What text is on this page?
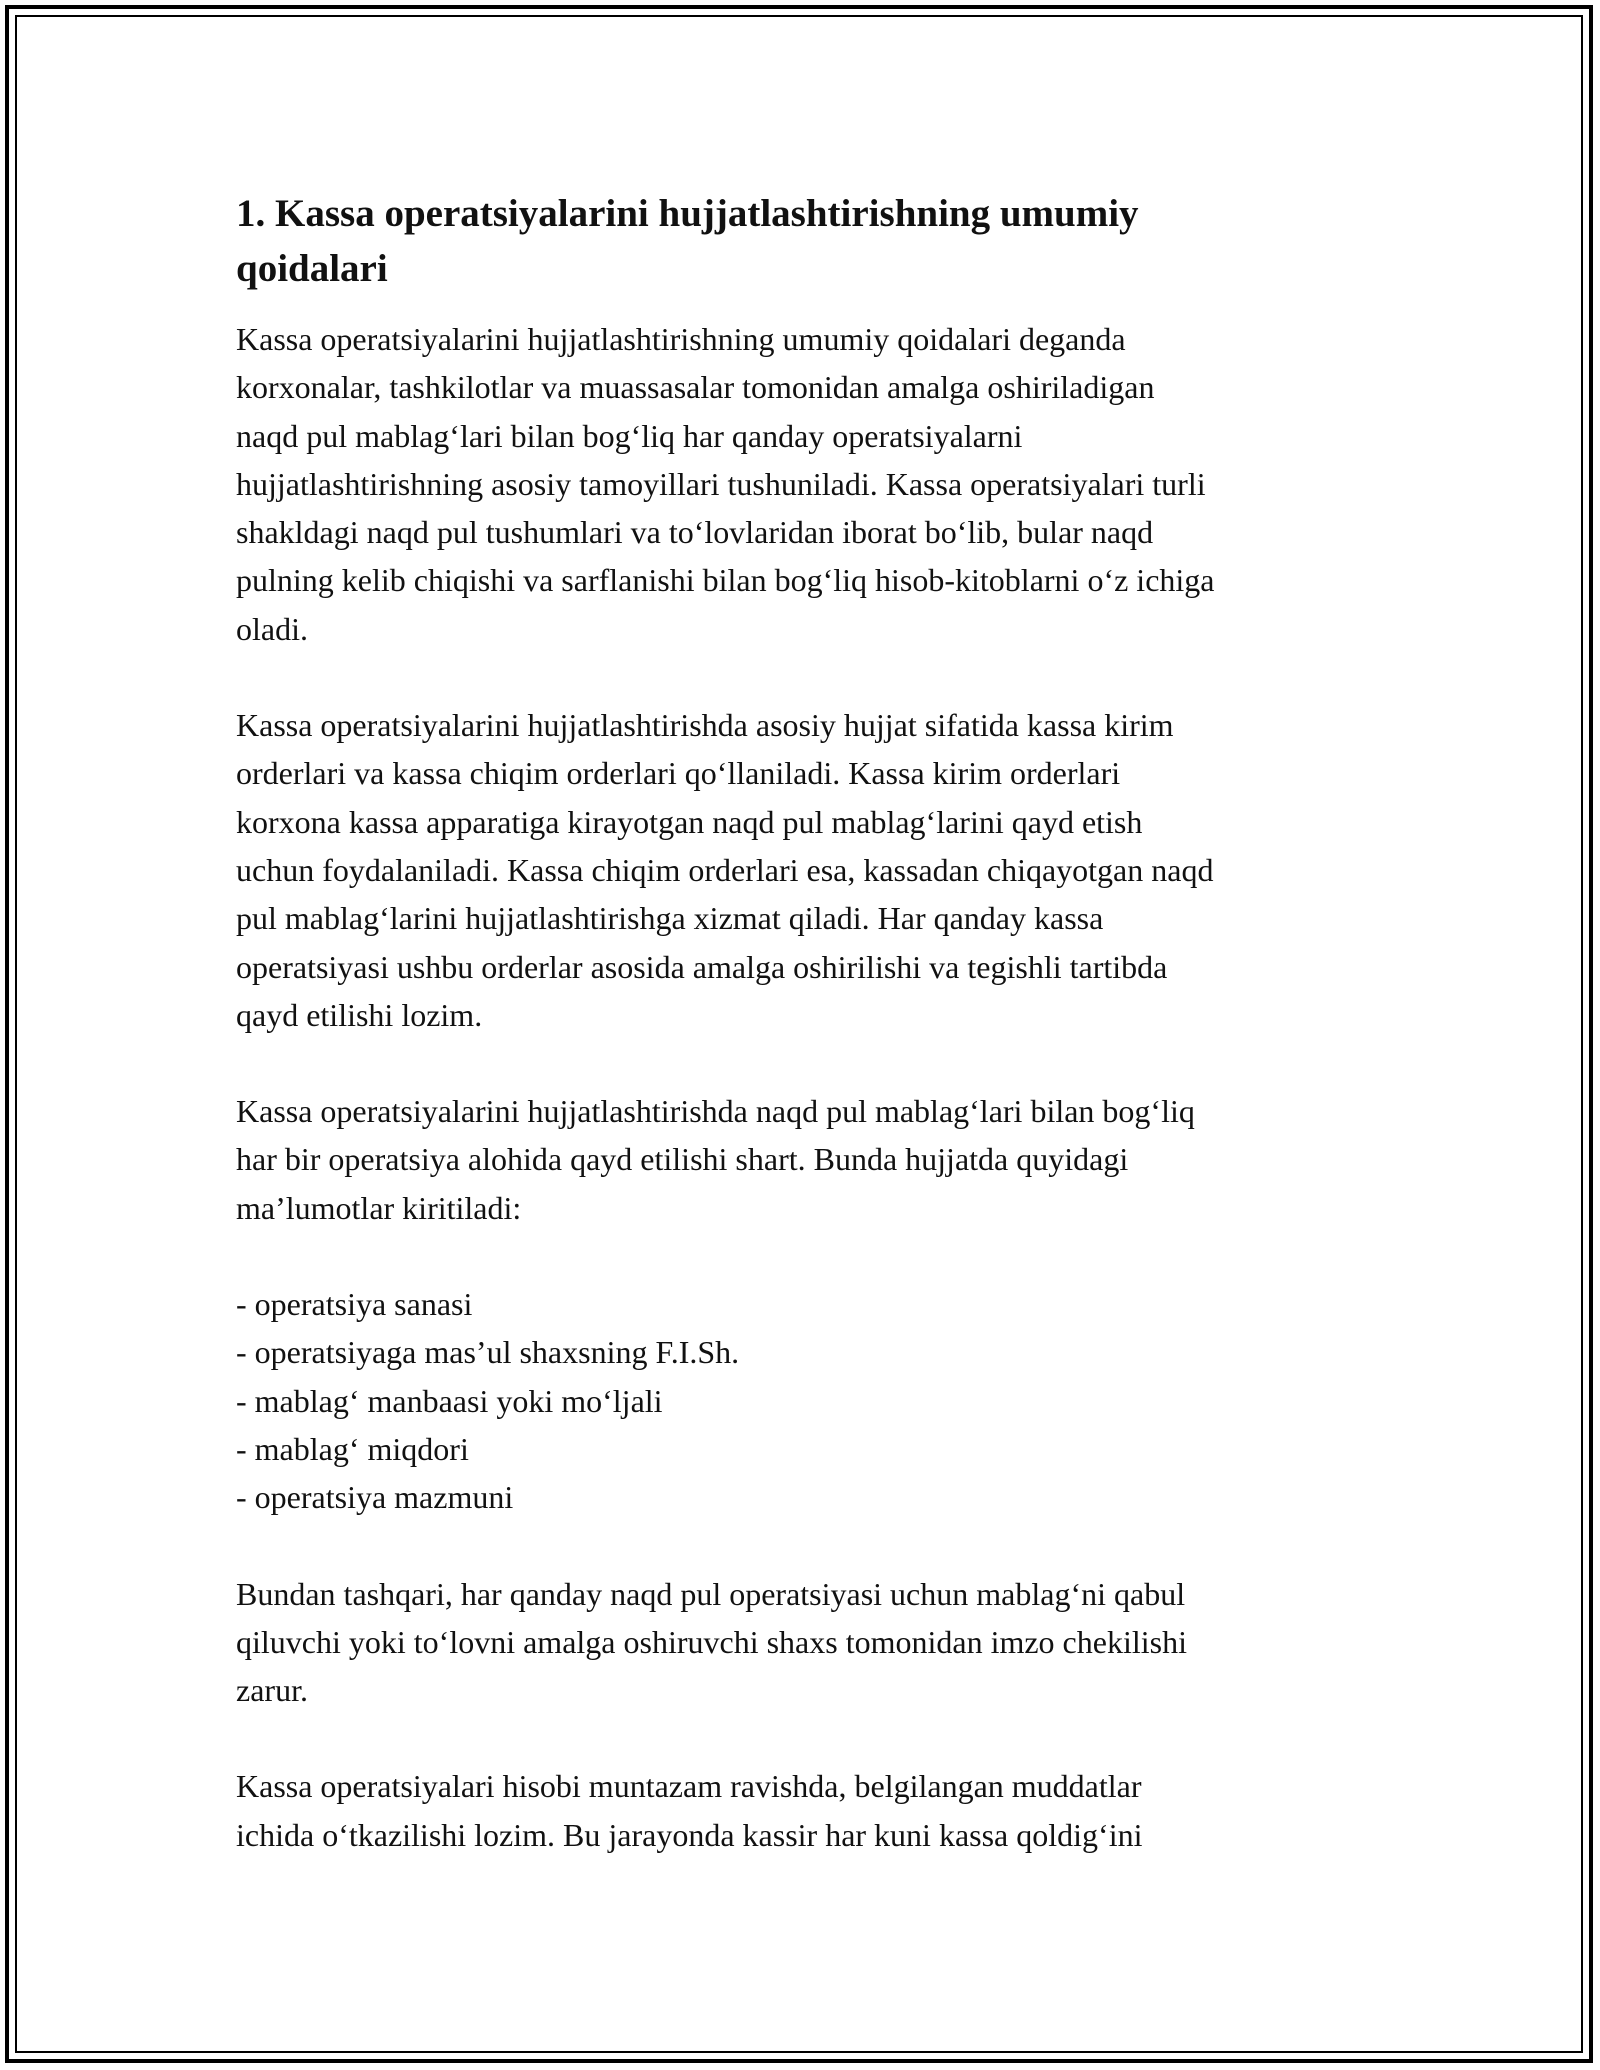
1. Kassa operatsiyalarini hujjatlashtirishning umumiy
qoidalari

Kassa operatsiyalarini hujjatlashtirishning umumiy qoidalari deganda
korxonalar, tashkilotlar va muassasalar tomonidan amalga oshiriladigan
naqd pul mablag‘lari bilan bog‘liq har qanday operatsiyalarni
hujjatlashtirishning asosiy tamoyillari tushuniladi. Kassa operatsiyalari turli
shakldagi naqd pul tushumlari va to‘lovlaridan iborat bo‘lib, bular naqd
pulning kelib chiqishi va sarflanishi bilan bog‘liq hisob-kitoblarni o‘z ichiga
oladi.

Kassa operatsiyalarini hujjatlashtirishda asosiy hujjat sifatida kassa kirim
orderlari va kassa chiqim orderlari qo‘llaniladi. Kassa kirim orderlari
korxona kassa apparatiga kirayotgan naqd pul mablag‘larini qayd etish
uchun foydalaniladi. Kassa chiqim orderlari esa, kassadan chiqayotgan naqd
pul mablag‘larini hujjatlashtirishga xizmat qiladi. Har qanday kassa
operatsiyasi ushbu orderlar asosida amalga oshirilishi va tegishli tartibda
qayd etilishi lozim.

Kassa operatsiyalarini hujjatlashtirishda naqd pul mablag‘lari bilan bog‘liq
har bir operatsiya alohida qayd etilishi shart. Bunda hujjatda quyidagi
ma’lumotlar kiritiladi:

- operatsiya sanasi
- operatsiyaga mas’ul shaxsning F.I.Sh.
- mablag‘ manbaasi yoki mo‘ljali
- mablag‘ miqdori
- operatsiya mazmuni

Bundan tashqari, har qanday naqd pul operatsiyasi uchun mablag‘ni qabul
qiluvchi yoki to‘lovni amalga oshiruvchi shaxs tomonidan imzo chekilishi
zarur.

Kassa operatsiyalari hisobi muntazam ravishda, belgilangan muddatlar
ichida o‘tkazilishi lozim. Bu jarayonda kassir har kuni kassa qoldig‘ini
